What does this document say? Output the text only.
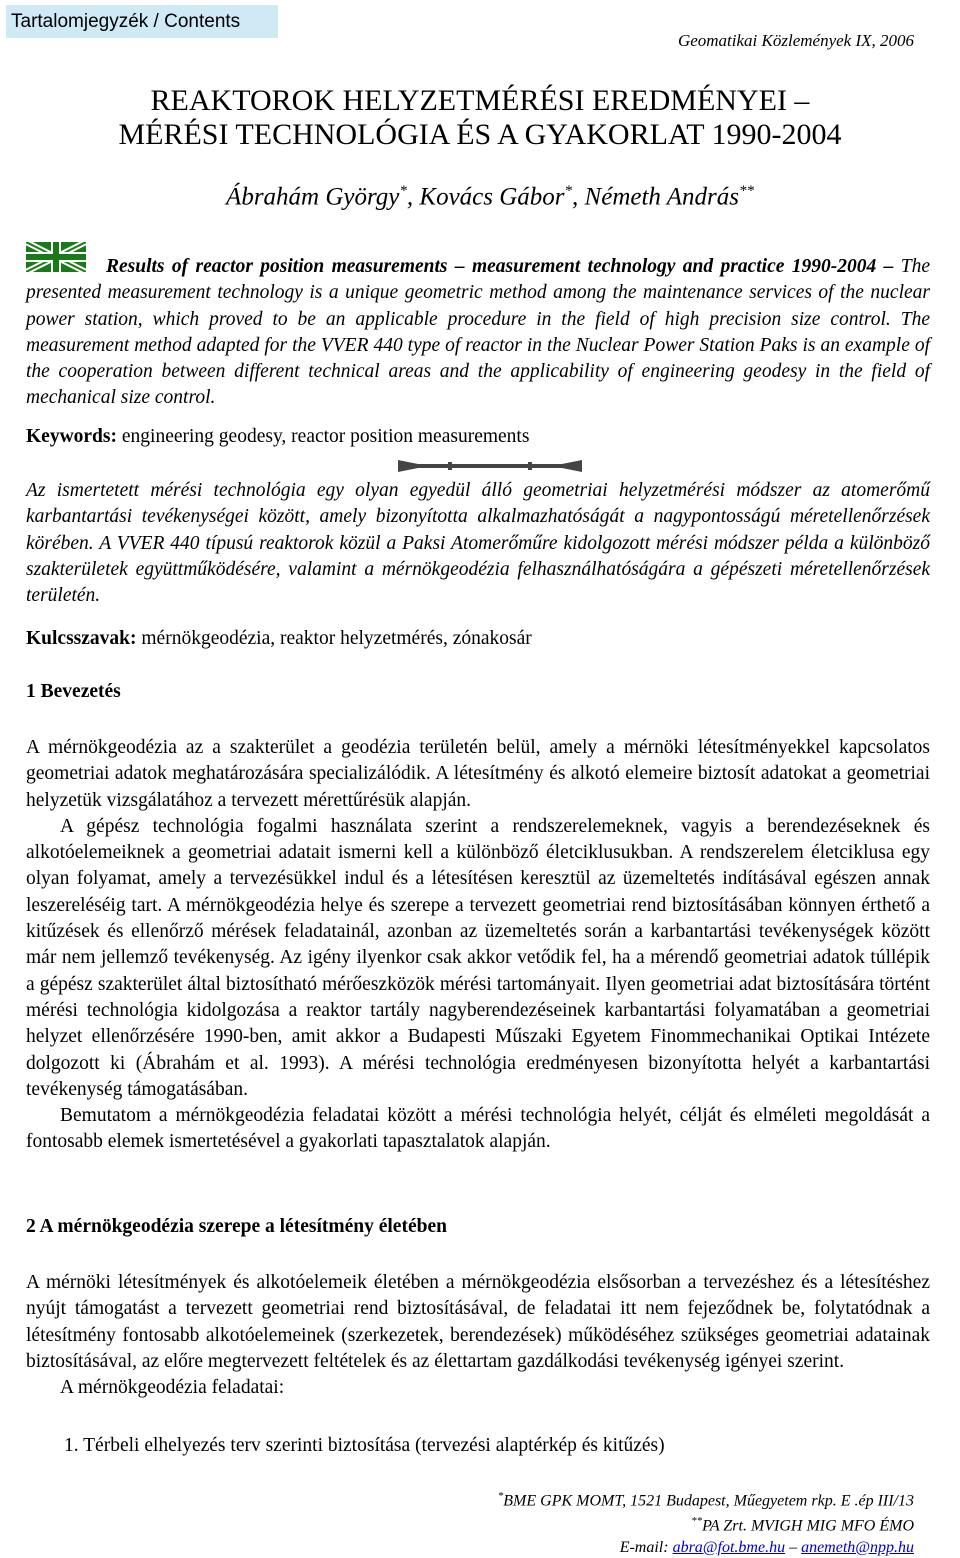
Tartalomjegyzék / Contents
Geomatikai Közlemények IX, 2006
REAKTOROK HELYZETMÉRÉSI EREDMÉNYEI –
MÉRÉSI TECHNOLÓGIA ÉS A GYAKORLAT 1990-2004
Ábrahám György*, Kovács Gábor*, Németh András**
Results of reactor position measurements – measurement technology and practice 1990-2004 – The presented measurement technology is a unique geometric method among the maintenance services of the nuclear power station, which proved to be an applicable procedure in the field of high precision size control. The measurement method adapted for the VVER 440 type of reactor in the Nuclear Power Station Paks is an example of the cooperation between different technical areas and the applicability of engineering geodesy in the field of mechanical size control.
Keywords: engineering geodesy, reactor position measurements
Az ismertetett mérési technológia egy olyan egyedül álló geometriai helyzetmérési módszer az atomerőmű karbantartási tevékenységei között, amely bizonyította alkalmazhatóságát a nagypontosságú méretellenőrzések körében. A VVER 440 típusú reaktorok közül a Paksi Atomerőműre kidolgozott mérési módszer példa a különböző szakterületek együttműködésére, valamint a mérnökgeodézia felhasználhatóságára a gépészeti méretellenőrzések területén.
Kulcsszavak: mérnökgeodézia, reaktor helyzetmérés, zónakosár
1 Bevezetés

A mérnökgeodézia az a szakterület a geodézia területén belül, amely a mérnöki létesítményekkel kapcsolatos geometriai adatok meghatározására specializálódik. A létesítmény és alkotó elemeire biztosít adatokat a geometriai helyzetük vizsgálatához a tervezett mérettűrésük alapján.

A gépész technológia fogalmi használata szerint a rendszerelemeknek, vagyis a berendezéseknek és alkotóelemeiknek a geometriai adatait ismerni kell a különböző életciklusukban. A rendszerelem életciklusa egy olyan folyamat, amely a tervezésükkel indul és a létesítésen keresztül az üzemeltetés indításával egészen annak leszereléséig tart. A mérnökgeodézia helye és szerepe a tervezett geometriai rend biztosításában könnyen érthető a kitűzések és ellenőrző mérések feladatainál, azonban az üzemeltetés során a karbantartási tevékenységek között már nem jellemző tevékenység. Az igény ilyenkor csak akkor vetődik fel, ha a mérendő geometriai adatok túllépik a gépész szakterület által biztosítható mérőeszközök mérési tartományait. Ilyen geometriai adat biztosítására történt mérési technológia kidolgozása a reaktor tartály nagyberendezéseinek karbantartási folyamatában a geometriai helyzet ellenőrzésére 1990-ben, amit akkor a Budapesti Műszaki Egyetem Finommechanikai Optikai Intézete dolgozott ki (Ábrahám et al. 1993). A mérési technológia eredményesen bizonyította helyét a karbantartási tevékenység támogatásában.

Bemutatom a mérnökgeodézia feladatai között a mérési technológia helyét, célját és elméleti megoldását a fontosabb elemek ismertetésével a gyakorlati tapasztalatok alapján.

2 A mérnökgeodézia szerepe a létesítmény életében

A mérnöki létesítmények és alkotóelemeik életében a mérnökgeodézia elsősorban a tervezéshez és a létesítéshez nyújt támogatást a tervezett geometriai rend biztosításával, de feladatai itt nem fejeződnek be, folytatódnak a létesítmény fontosabb alkotóelemeinek (szerkezetek, berendezések) működéséhez szükséges geometriai adatainak biztosításával, az előre megtervezett feltételek és az élettartam gazdálkodási tevékenység igényei szerint.

A mérnökgeodézia feladatai:

1. Térbeli elhelyezés terv szerinti biztosítása (tervezési alaptérkép és kitűzés)
*BME GPK MOMT, 1521 Budapest, Műegyetem rkp. E .ép III/13
**PA Zrt. MVIGH MIG MFO ÉMO
E-mail: abra@fot.bme.hu – anemeth@npp.hu
